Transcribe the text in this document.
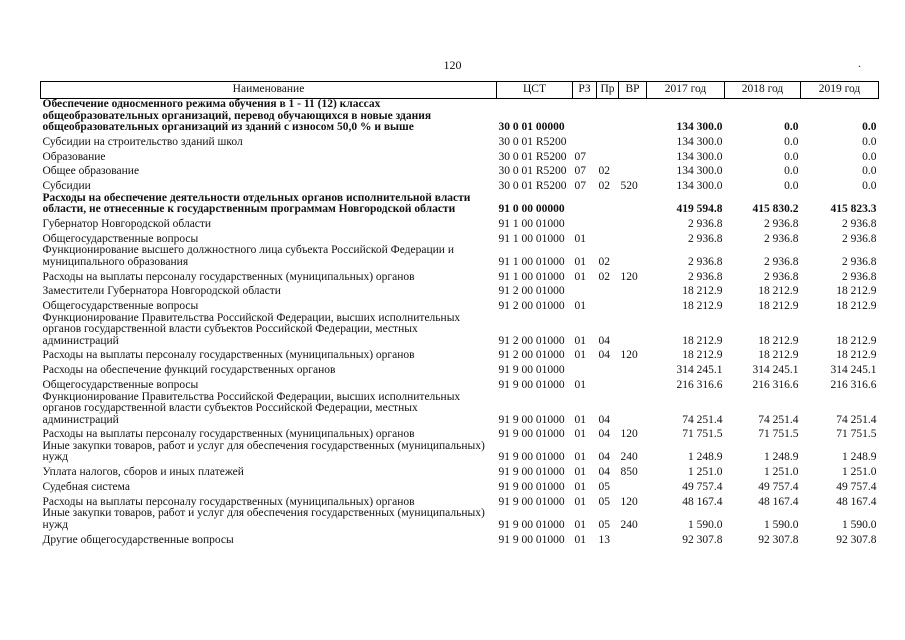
120	.
Наименование	ЦСТ	РЗ	Пр	ВР	2017 год	2018 год	2019 год
Обеспечение односменного режима обучения в 1 - 11 (12) классах общеобразовательных организаций, перевод обучающихся в новые здания общеобразовательных организаций из зданий с износом 50,0 % и выше	30 0 01 00000				134 300.0	0.0	0.0
Субсидии на строительство зданий школ	30 0 01 R5200				134 300.0	0.0	0.0
Образование	30 0 01 R5200	07			134 300.0	0.0	0.0
Общее образование	30 0 01 R5200	07	02		134 300.0	0.0	0.0
Субсидии	30 0 01 R5200	07	02	520	134 300.0	0.0	0.0
Расходы на обеспечение деятельности отдельных органов исполнительной власти области, не отнесенные к государственным программам Новгородской области	91 0 00 00000				419 594.8	415 830.2	415 823.3
Губернатор Новгородской области	91 1 00 01000				2 936.8	2 936.8	2 936.8
Общегосударственные вопросы	91 1 00 01000	01			2 936.8	2 936.8	2 936.8
Функционирование высшего должностного лица субъекта Российской Федерации и муниципального образования	91 1 00 01000	01	02		2 936.8	2 936.8	2 936.8
Расходы на выплаты персоналу государственных (муниципальных) органов	91 1 00 01000	01	02	120	2 936.8	2 936.8	2 936.8
Заместители Губернатора Новгородской области	91 2 00 01000				18 212.9	18 212.9	18 212.9
Общегосударственные вопросы	91 2 00 01000	01			18 212.9	18 212.9	18 212.9
Функционирование Правительства Российской Федерации, высших исполнительных органов государственной власти субъектов Российской Федерации, местных администраций	91 2 00 01000	01	04		18 212.9	18 212.9	18 212.9
Расходы на выплаты персоналу государственных (муниципальных) органов	91 2 00 01000	01	04	120	18 212.9	18 212.9	18 212.9
Расходы на обеспечение функций государственных органов	91 9 00 01000				314 245.1	314 245.1	314 245.1
Общегосударственные вопросы	91 9 00 01000	01			216 316.6	216 316.6	216 316.6
Функционирование Правительства Российской Федерации, высших исполнительных органов государственной власти субъектов Российской Федерации, местных администраций	91 9 00 01000	01	04		74 251.4	74 251.4	74 251.4
Расходы на выплаты персоналу государственных (муниципальных) органов	91 9 00 01000	01	04	120	71 751.5	71 751.5	71 751.5
Иные закупки товаров, работ и услуг для обеспечения государственных (муниципальных) нужд	91 9 00 01000	01	04	240	1 248.9	1 248.9	1 248.9
Уплата налогов, сборов и иных платежей	91 9 00 01000	01	04	850	1 251.0	1 251.0	1 251.0
Судебная система	91 9 00 01000	01	05		49 757.4	49 757.4	49 757.4
Расходы на выплаты персоналу государственных (муниципальных) органов	91 9 00 01000	01	05	120	48 167.4	48 167.4	48 167.4
Иные закупки товаров, работ и услуг для обеспечения государственных (муниципальных) нужд	91 9 00 01000	01	05	240	1 590.0	1 590.0	1 590.0
Другие общегосударственные вопросы	91 9 00 01000	01	13		92 307.8	92 307.8	92 307.8
